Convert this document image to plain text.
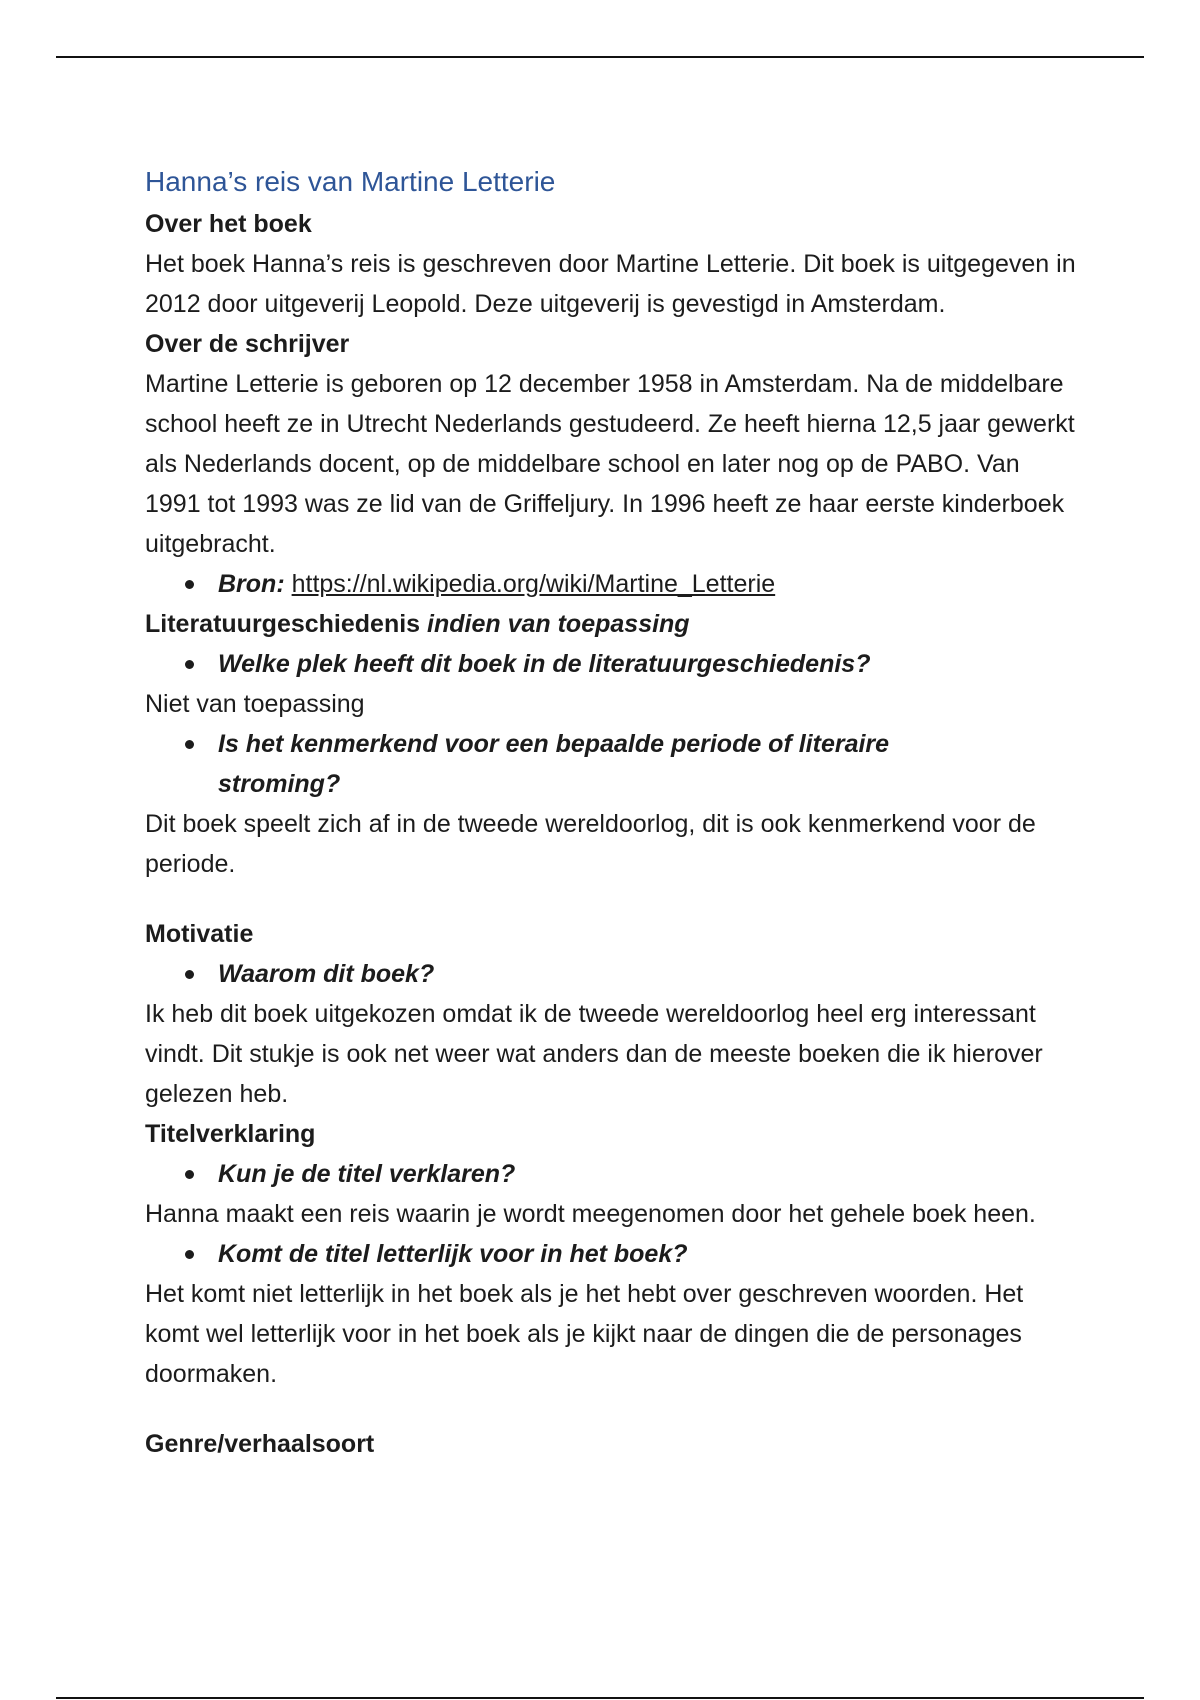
Hanna’s reis van Martine Letterie
Over het boek

Het boek Hanna’s reis is geschreven door Martine Letterie. Dit boek is uitgegeven in 2012 door uitgeverij Leopold. Deze uitgeverij is gevestigd in Amsterdam.

Over de schrijver

Martine Letterie is geboren op 12 december 1958 in Amsterdam. Na de middelbare school heeft ze in Utrecht Nederlands gestudeerd. Ze heeft hierna 12,5 jaar gewerkt als Nederlands docent, op de middelbare school en later nog op de PABO. Van 1991 tot 1993 was ze lid van de Griffeljury. In 1996 heeft ze haar eerste kinderboek uitgebracht.

Bron: https://nl.wikipedia.org/wiki/Martine_Letterie
Literatuurgeschiedenis indien van toepassing
Welke plek heeft dit boek in de literatuurgeschiedenis?

Niet van toepassing

Is het kenmerkend voor een bepaalde periode of literaire stroming?

Dit boek speelt zich af in de tweede wereldoorlog, dit is ook kenmerkend voor de periode.

Motivatie
Waarom dit boek?

Ik heb dit boek uitgekozen omdat ik de tweede wereldoorlog heel erg interessant vindt. Dit stukje is ook net weer wat anders dan de meeste boeken die ik hierover gelezen heb.

Titelverklaring
Kun je de titel verklaren?

Hanna maakt een reis waarin je wordt meegenomen door het gehele boek heen.

Komt de titel letterlijk voor in het boek?

Het komt niet letterlijk in het boek als je het hebt over geschreven woorden. Het komt wel letterlijk voor in het boek als je kijkt naar de dingen die de personages doormaken.

Genre/verhaalsoort
